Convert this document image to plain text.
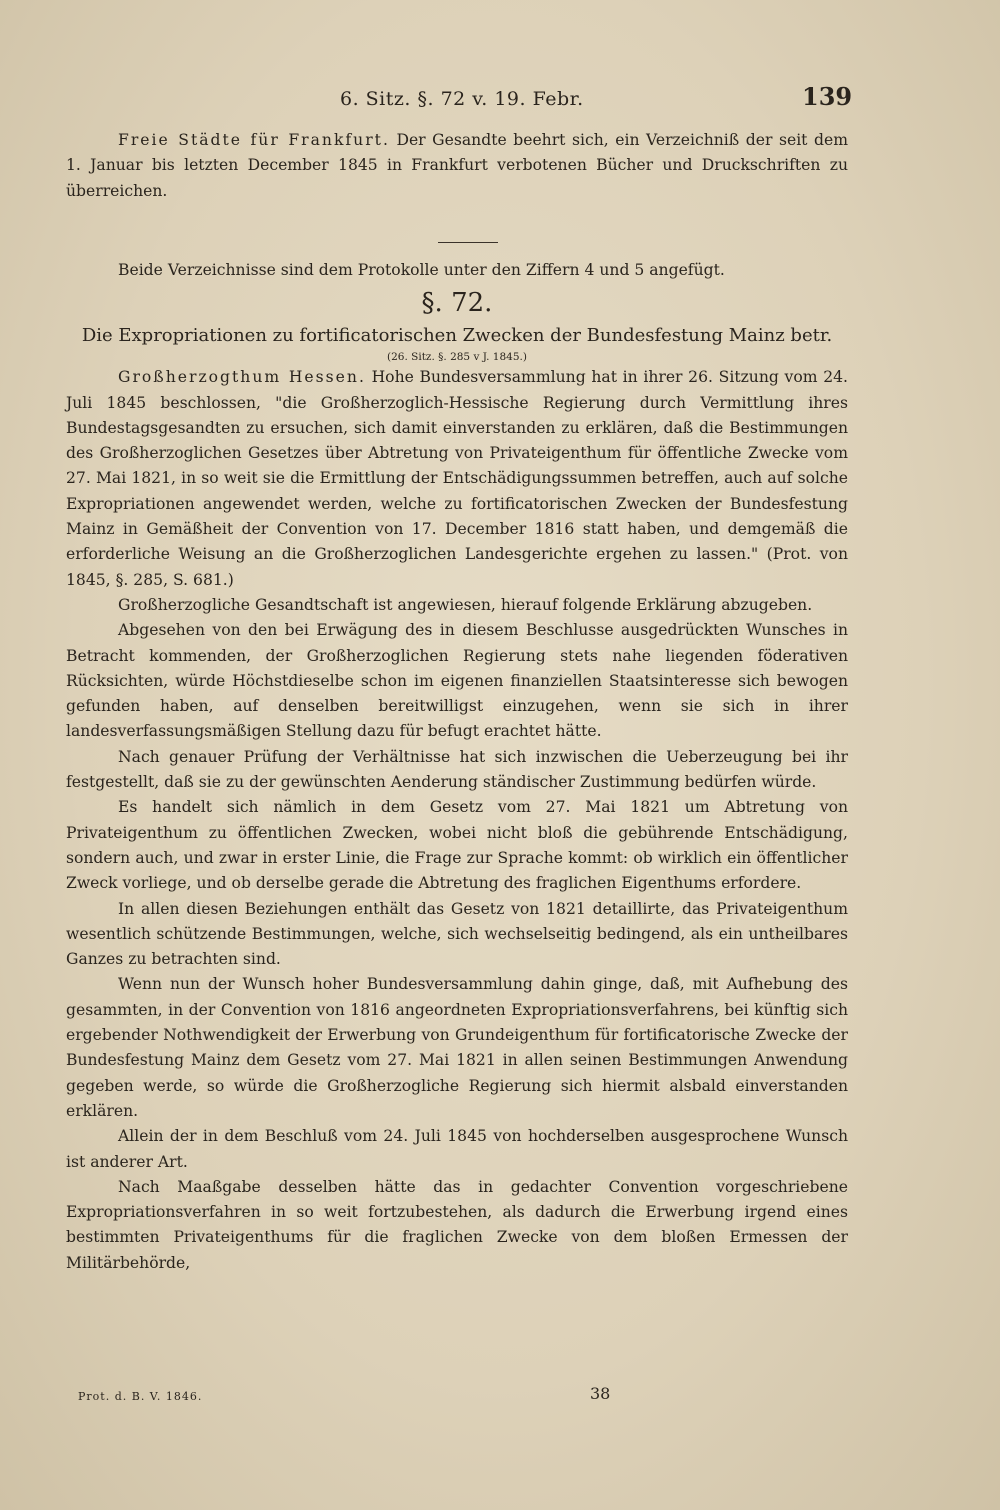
6. Sitz. §. 72 v. 19. Febr.	139

Freie Städte für Frankfurt. Der Gesandte beehrt sich, ein Verzeichniß der seit dem 1. Januar bis letzten December 1845 in Frankfurt verbotenen Bücher und Druckschriften zu überreichen.

Beide Verzeichnisse sind dem Protokolle unter den Ziffern 4 und 5 angefügt.

§. 72.

Die Expropriationen zu fortificatorischen Zwecken der Bundesfestung Mainz betr.

(26. Sitz. §. 285 v J. 1845.)

Großherzogthum Hessen. Hohe Bundesversammlung hat in ihrer 26. Sitzung vom 24. Juli 1845 beschlossen, "die Großherzoglich-Hessische Regierung durch Vermittlung ihres Bundestagsgesandten zu ersuchen, sich damit einverstanden zu erklären, daß die Bestimmungen des Großherzoglichen Gesetzes über Abtretung von Privateigenthum für öffentliche Zwecke vom 27. Mai 1821, in so weit sie die Ermittlung der Entschädigungssummen betreffen, auch auf solche Expropriationen angewendet werden, welche zu fortificatorischen Zwecken der Bundesfestung Mainz in Gemäßheit der Convention von 17. December 1816 statt haben, und demgemäß die erforderliche Weisung an die Großherzoglichen Landesgerichte ergehen zu lassen." (Prot. von 1845, §. 285, S. 681.)

Großherzogliche Gesandtschaft ist angewiesen, hierauf folgende Erklärung abzugeben.

Abgesehen von den bei Erwägung des in diesem Beschlusse ausgedrückten Wunsches in Betracht kommenden, der Großherzoglichen Regierung stets nahe liegenden föderativen Rücksichten, würde Höchstdieselbe schon im eigenen finanziellen Staatsinteresse sich bewogen gefunden haben, auf denselben bereitwilligst einzugehen, wenn sie sich in ihrer landesverfassungsmäßigen Stellung dazu für befugt erachtet hätte.

Nach genauer Prüfung der Verhältnisse hat sich inzwischen die Ueberzeugung bei ihr festgestellt, daß sie zu der gewünschten Aenderung ständischer Zustimmung bedürfen würde.

Es handelt sich nämlich in dem Gesetz vom 27. Mai 1821 um Abtretung von Privateigenthum zu öffentlichen Zwecken, wobei nicht bloß die gebührende Entschädigung, sondern auch, und zwar in erster Linie, die Frage zur Sprache kommt: ob wirklich ein öffentlicher Zweck vorliege, und ob derselbe gerade die Abtretung des fraglichen Eigenthums erfordere.

In allen diesen Beziehungen enthält das Gesetz von 1821 detaillirte, das Privateigenthum wesentlich schützende Bestimmungen, welche, sich wechselseitig bedingend, als ein untheilbares Ganzes zu betrachten sind.

Wenn nun der Wunsch hoher Bundesversammlung dahin ginge, daß, mit Aufhebung des gesammten, in der Convention von 1816 angeordneten Expropriationsverfahrens, bei künftig sich ergebender Nothwendigkeit der Erwerbung von Grundeigenthum für fortificatorische Zwecke der Bundesfestung Mainz dem Gesetz vom 27. Mai 1821 in allen seinen Bestimmungen Anwendung gegeben werde, so würde die Großherzogliche Regierung sich hiermit alsbald einverstanden erklären.

Allein der in dem Beschluß vom 24. Juli 1845 von hochderselben ausgesprochene Wunsch ist anderer Art.

Nach Maaßgabe desselben hätte das in gedachter Convention vorgeschriebene Expropriationsverfahren in so weit fortzubestehen, als dadurch die Erwerbung irgend eines bestimmten Privateigenthums für die fraglichen Zwecke von dem bloßen Ermessen der Militärbehörde,

Prot. d. B. V. 1846.	38
